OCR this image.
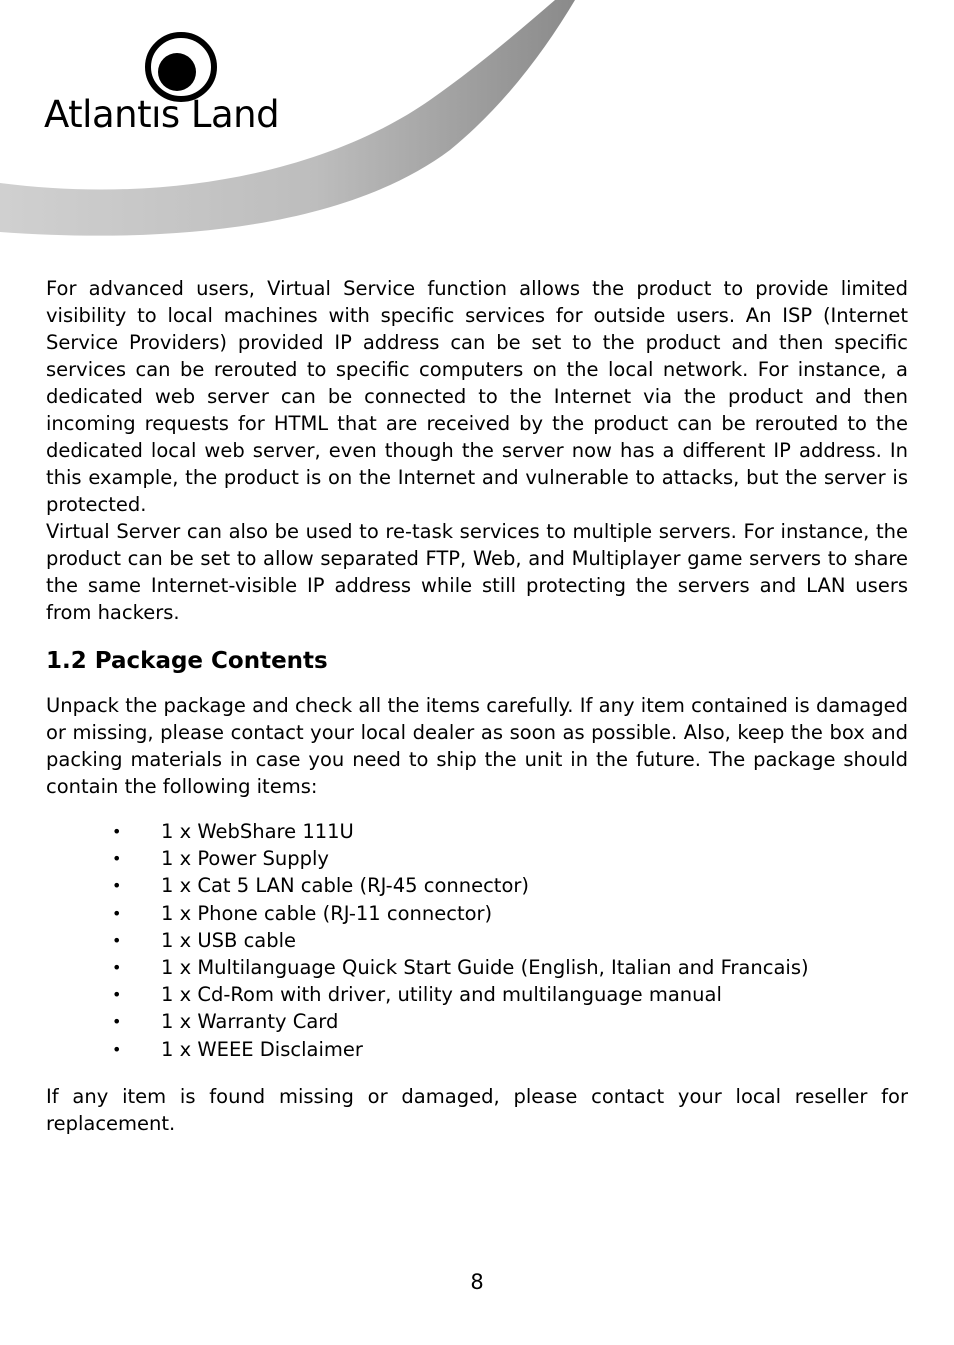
Atlantıs Land

For advanced users, Virtual Service function allows the product to provide limited visibility to local machines with specific services for outside users. An ISP (Internet Service Providers) provided IP address can be set to the product and then specific services can be rerouted to specific computers on the local network. For instance, a dedicated web server can be connected to the Internet via the product and then incoming requests for HTML that are received by the product can be rerouted to the dedicated local web server, even though the server now has a different IP address. In this example, the product is on the Internet and vulnerable to attacks, but the server is protected.

Virtual Server can also be used to re-task services to multiple servers. For instance, the product can be set to allow separated FTP, Web, and Multiplayer game servers to share the same Internet-visible IP address while still protecting the servers and LAN users from hackers.

1.2 Package Contents

Unpack the package and check all the items carefully. If any item contained is damaged or missing, please contact your local dealer as soon as possible. Also, keep the box and packing materials in case you need to ship the unit in the future. The package should contain the following items:

• 1 x WebShare 111U
• 1 x Power Supply
• 1 x Cat 5 LAN cable (RJ-45 connector)
• 1 x Phone cable (RJ-11 connector)
• 1 x USB cable
• 1 x Multilanguage Quick Start Guide (English, Italian and Francais)
• 1 x Cd-Rom with driver, utility and multilanguage manual
• 1 x Warranty Card
• 1 x WEEE Disclaimer

If any item is found missing or damaged, please contact your local reseller for replacement.

8
